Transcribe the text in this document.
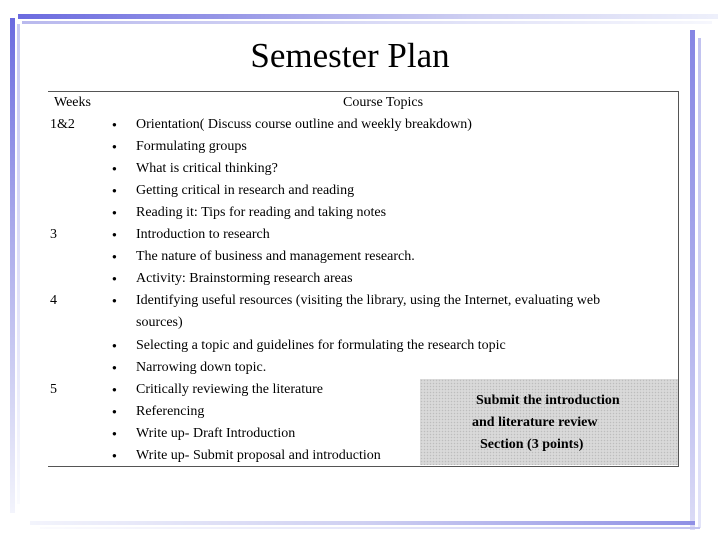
Semester Plan
Weeks	Course Topics
1&2
3
4
5
●
●
●
●
●
●
●
●
●
●
●
●
●
●
●
Orientation( Discuss course outline and weekly breakdown)
Formulating groups
What is critical thinking?
Getting critical in research and reading
Reading it: Tips for reading and taking notes
Introduction to research
The nature of business and management research.
Activity: Brainstorming research areas
Identifying useful resources (visiting the library, using the Internet, evaluating web
sources)
Selecting a topic and guidelines for formulating the research topic
Narrowing down topic.
Critically reviewing the literature
Referencing
Write up- Draft Introduction
Write up- Submit proposal and introduction
Submit the introduction
and literature review
Section (3 points)
